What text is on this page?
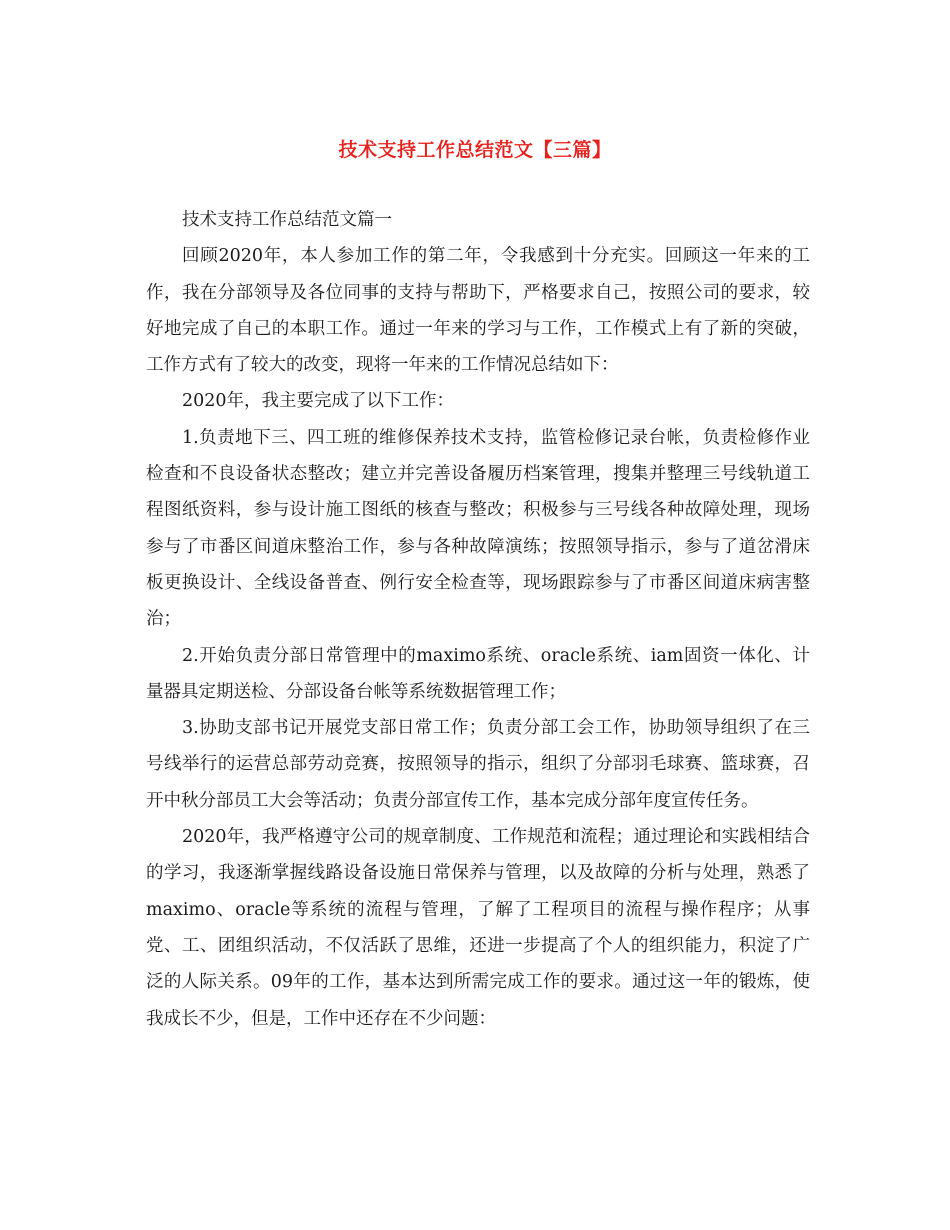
技术支持工作总结范文【三篇】

技术支持工作总结范文篇一

回顾2020年，本人参加工作的第二年，令我感到十分充实。回顾这一年来的工作，我在分部领导及各位同事的支持与帮助下，严格要求自己，按照公司的要求，较好地完成了自己的本职工作。通过一年来的学习与工作，工作模式上有了新的突破，工作方式有了较大的改变，现将一年来的工作情况总结如下：

2020年，我主要完成了以下工作：

1.负责地下三、四工班的维修保养技术支持，监管检修记录台帐，负责检修作业检查和不良设备状态整改；建立并完善设备履历档案管理，搜集并整理三号线轨道工程图纸资料，参与设计施工图纸的核查与整改；积极参与三号线各种故障处理，现场参与了市番区间道床整治工作，参与各种故障演练；按照领导指示，参与了道岔滑床板更换设计、全线设备普查、例行安全检查等，现场跟踪参与了市番区间道床病害整治；

2.开始负责分部日常管理中的maximo系统、oracle系统、iam固资一体化、计量器具定期送检、分部设备台帐等系统数据管理工作；

3.协助支部书记开展党支部日常工作；负责分部工会工作，协助领导组织了在三号线举行的运营总部劳动竞赛，按照领导的指示，组织了分部羽毛球赛、篮球赛，召开中秋分部员工大会等活动；负责分部宣传工作，基本完成分部年度宣传任务。

2020年，我严格遵守公司的规章制度、工作规范和流程；通过理论和实践相结合的学习，我逐渐掌握线路设备设施日常保养与管理，以及故障的分析与处理，熟悉了maximo、oracle等系统的流程与管理，了解了工程项目的流程与操作程序；从事党、工、团组织活动，不仅活跃了思维，还进一步提高了个人的组织能力，积淀了广泛的人际关系。09年的工作，基本达到所需完成工作的要求。通过这一年的锻炼，使我成长不少，但是，工作中还存在不少问题：
